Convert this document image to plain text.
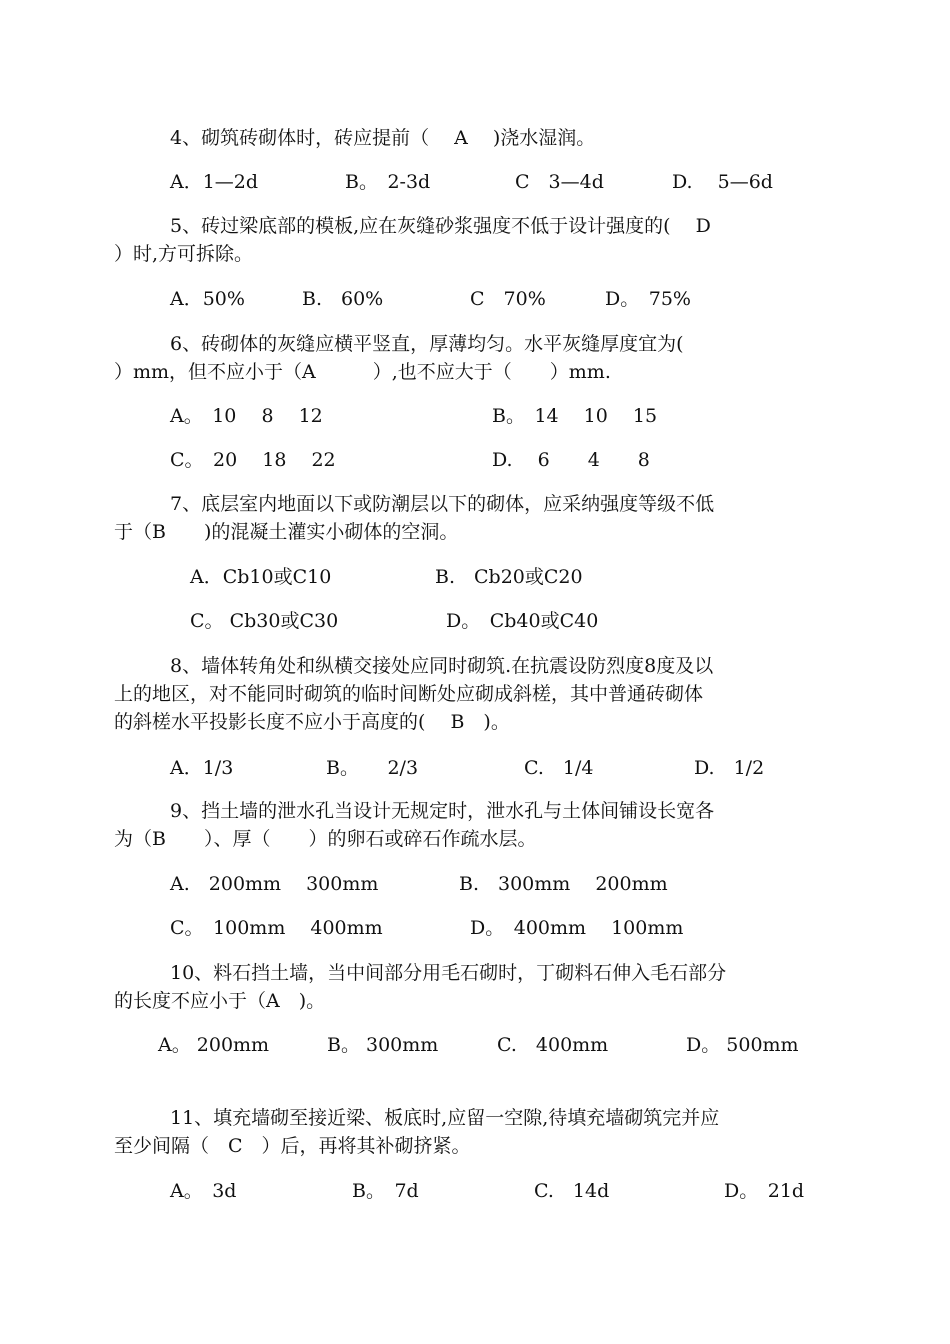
4、砌筑砖砌体时，砖应提前（　 A 　)浇水湿润。
A．1—2d	B。　2-3d	C　3—4d	D.　 5—6d
5、砖过梁底部的模板,应在灰缝砂浆强度不低于设计强度的(　 D
）时,方可拆除。
A．50%	B.　60%	C　70%	D。　75%
6、砖砌体的灰缝应横平竖直，厚薄均匀。水平灰缝厚度宜为(
）mm，但不应小于（A　　　）,也不应大于（　　）mm.
A。　10　 8　 12	B。　14　 10　 15
C。　20　 18　 22	D.　 6　　4　　8
7、底层室内地面以下或防潮层以下的砌体，应采纳强度等级不低
于（B　　)的混凝土灌实小砌体的空洞。
A．Cb10或C10	B.　Cb20或C20
C。 Cb30或C30	D。　Cb40或C40
8、墙体转角处和纵横交接处应同时砌筑.在抗震设防烈度8度及以
上的地区，对不能同时砌筑的临时间断处应砌成斜槎，其中普通砖砌体
的斜槎水平投影长度不应小于高度的(　 B　)。
A．1/3	B。　　2/3	C.　1/4	D.　1/2
9、挡土墙的泄水孔当设计无规定时，泄水孔与土体间铺设长宽各
为（B　　）、厚（　　）的卵石或碎石作疏水层。
A.　200mm　 300mm	B.　300mm　 200mm
C。　100mm　 400mm	D。　400mm　 100mm
10、料石挡土墙，当中间部分用毛石砌时，丁砌料石伸入毛石部分
的长度不应小于（A　)。
A。 200mm	B。 300mm	C.　400mm	D。 500mm
11、填充墙砌至接近梁、板底时,应留一空隙,待填充墙砌筑完并应
至少间隔（　C　）后，再将其补砌挤紧。
A。　3d	B。　7d	C.　14d	D。　21d
